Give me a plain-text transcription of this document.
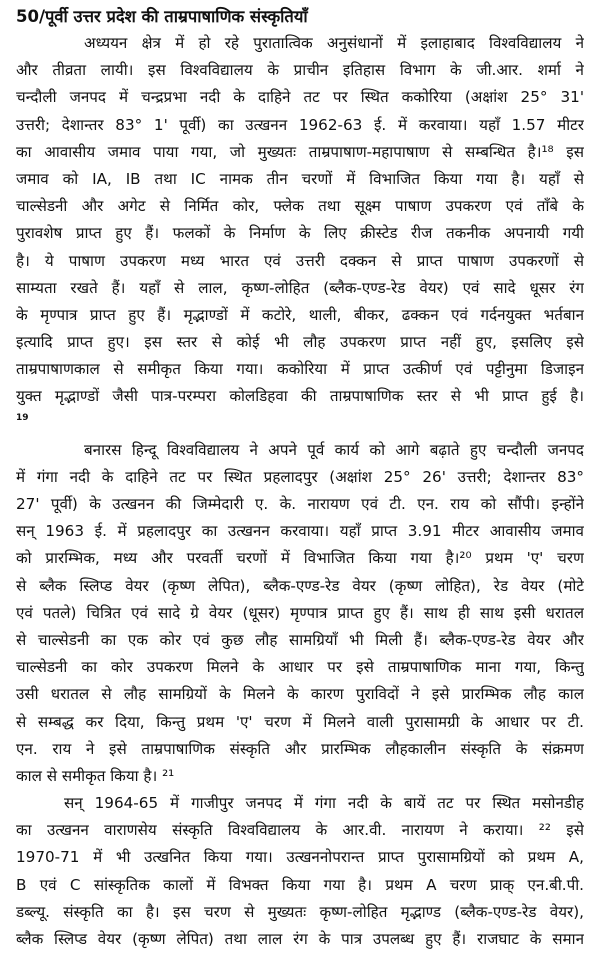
50/पूर्वी उत्तर प्रदेश की ताम्रपाषाणिक संस्कृतियाँ
अध्ययन क्षेत्र में हो रहे पुरातात्विक अनुसंधानों में इलाहाबाद विश्वविद्यालय ने
और तीव्रता लायी। इस विश्वविद्यालय के प्राचीन इतिहास विभाग के जी.आर. शर्मा ने
चन्दौली जनपद में चन्द्रप्रभा नदी के दाहिने तट पर स्थित ककोरिया (अक्षांश 25° 31'
उत्तरी; देशान्तर 83° 1' पूर्वी) का उत्खनन 1962-63 ई. में करवाया। यहाँ 1.57 मीटर
का आवासीय जमाव पाया गया, जो मुख्यतः ताम्रपाषाण-महापाषाण से सम्बन्धित है।¹⁸ इस
जमाव को IA, IB तथा IC नामक तीन चरणों में विभाजित किया गया है। यहाँ से
चाल्सेडनी और अगेट से निर्मित कोर, फ्लेक तथा सूक्ष्म पाषाण उपकरण एवं ताँबे के
पुरावशेष प्राप्त हुए हैं। फलकों के निर्माण के लिए क्रीस्टेड रीज तकनीक अपनायी गयी
है। ये पाषाण उपकरण मध्य भारत एवं उत्तरी दक्कन से प्राप्त पाषाण उपकरणों से
साम्यता रखते हैं। यहाँ से लाल, कृष्ण-लोहित (ब्लैक-एण्ड-रेड वेयर) एवं सादे धूसर रंग
के मृण्पात्र प्राप्त हुए हैं। मृद्भाण्डों में कटोरे, थाली, बीकर, ढक्कन एवं गर्दनयुक्त भर्तबान
इत्यादि प्राप्त हुए। इस स्तर से कोई भी लौह उपकरण प्राप्त नहीं हुए, इसलिए इसे
ताम्रपाषाणकाल से समीकृत किया गया। ककोरिया में प्राप्त उत्कीर्ण एवं पट्टीनुमा डिजाइन
युक्त मृद्भाण्डों जैसी पात्र-परम्परा कोलडिहवा की ताम्रपाषाणिक स्तर से भी प्राप्त हुई है।
19
बनारस हिन्दू विश्वविद्यालय ने अपने पूर्व कार्य को आगे बढ़ाते हुए चन्दौली जनपद
में गंगा नदी के दाहिने तट पर स्थित प्रहलादपुर (अक्षांश 25° 26' उत्तरी; देशान्तर 83°
27' पूर्वी) के उत्खनन की जिम्मेदारी ए. के. नारायण एवं टी. एन. राय को सौंपी। इन्होंने
सन् 1963 ई. में प्रहलादपुर का उत्खनन करवाया। यहाँ प्राप्त 3.91 मीटर आवासीय जमाव
को प्रारम्भिक, मध्य और परवर्ती चरणों में विभाजित किया गया है।²⁰ प्रथम 'ए' चरण
से ब्लैक स्लिप्ड वेयर (कृष्ण लेपित), ब्लैक-एण्ड-रेड वेयर (कृष्ण लोहित), रेड वेयर (मोटे
एवं पतले) चित्रित एवं सादे ग्रे वेयर (धूसर) मृण्पात्र प्राप्त हुए हैं। साथ ही साथ इसी धरातल
से चाल्सेडनी का एक कोर एवं कुछ लौह सामग्रियाँ भी मिली हैं। ब्लैक-एण्ड-रेड वेयर और
चाल्सेडनी का कोर उपकरण मिलने के आधार पर इसे ताम्रपाषाणिक माना गया, किन्तु
उसी धरातल से लौह सामग्रियों के मिलने के कारण पुराविदों ने इसे प्रारम्भिक लौह काल
से सम्बद्ध कर दिया, किन्तु प्रथम 'ए' चरण में मिलने वाली पुरासामग्री के आधार पर टी.
एन. राय ने इसे ताम्रपाषाणिक संस्कृति और प्रारम्भिक लौहकालीन संस्कृति के संक्रमण
काल से समीकृत किया है। ²¹
सन् 1964-65 में गाजीपुर जनपद में गंगा नदी के बायें तट पर स्थित मसोनडीह
का उत्खनन वाराणसेय संस्कृति विश्वविद्यालय के आर.वी. नारायण ने कराया। ²² इसे
1970-71 में भी उत्खनित किया गया। उत्खननोपरान्त प्राप्त पुरासामग्रियों को प्रथम A,
B एवं C सांस्कृतिक कालों में विभक्त किया गया है। प्रथम A चरण प्राक् एन.बी.पी.
डब्ल्यू. संस्कृति का है। इस चरण से मुख्यतः कृष्ण-लोहित मृद्भाण्ड (ब्लैक-एण्ड-रेड वेयर),
ब्लैक स्लिप्ड वेयर (कृष्ण लेपित) तथा लाल रंग के पात्र उपलब्ध हुए हैं। राजघाट के समान
